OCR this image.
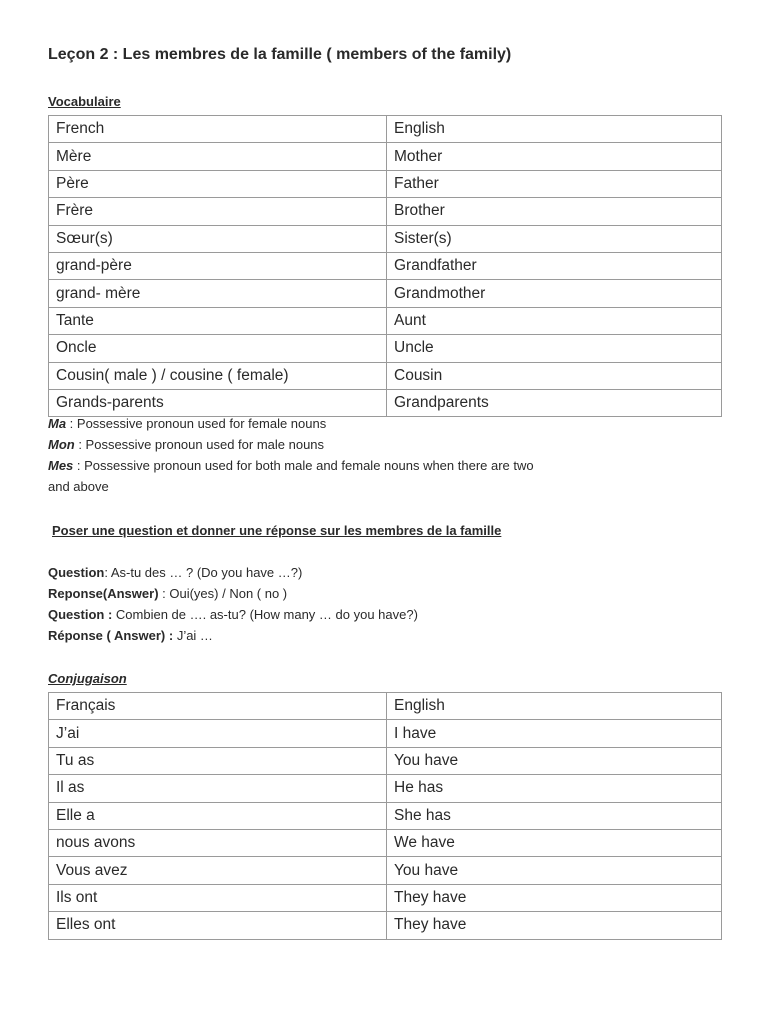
Leçon 2 : Les membres de la famille ( members of the family)
Vocabulaire
French	English
Mère	Mother
Père	Father
Frère	Brother
Sœur(s)	Sister(s)
grand-père	Grandfather
grand- mère	Grandmother
Tante	Aunt
Oncle	Uncle
Cousin( male ) / cousine ( female)	Cousin
Grands-parents	Grandparents
Ma : Possessive pronoun used for female nouns
Mon : Possessive pronoun used for male nouns
Mes : Possessive pronoun used for both male and female nouns when there are two
and above
Poser une question et donner une réponse sur les membres de la famille
Question: As-tu des … ? (Do you have …?)
Reponse(Answer) : Oui(yes) / Non ( no )
Question : Combien de …. as-tu? (How many … do you have?)
Réponse ( Answer) : J’ai …
Conjugaison
Français	English
J’ai	I have
Tu as	You have
Il as	He has
Elle a	She has
nous avons	We have
Vous avez	You have
Ils ont	They have
Elles ont	They have
